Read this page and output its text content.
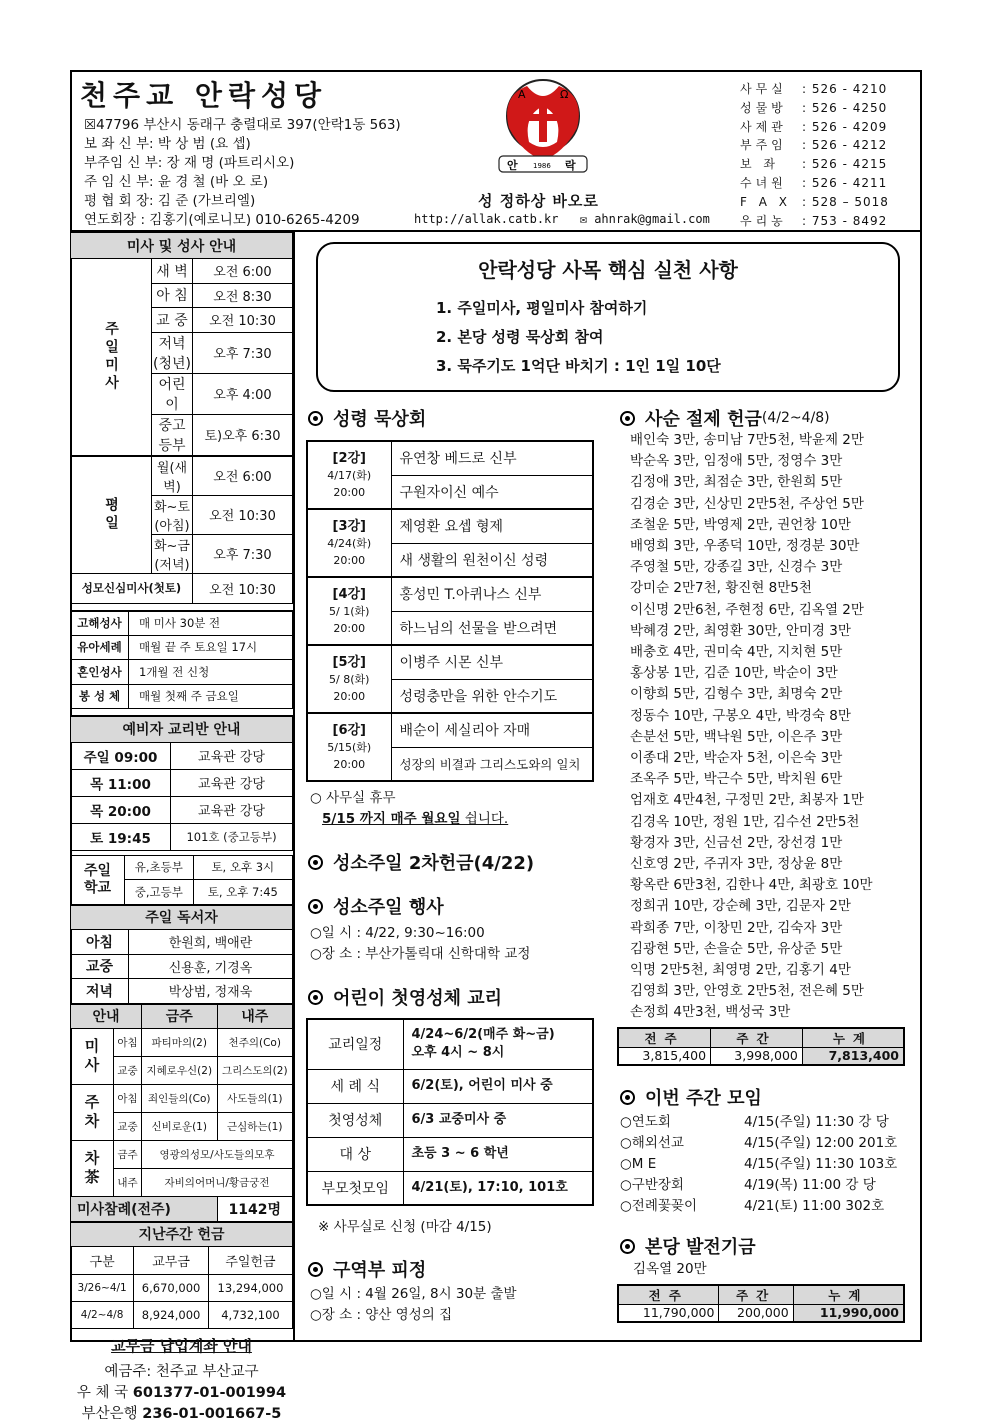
천주교 안락성당
☒47796 부산시 동래구 충렬대로 397(안락1동 563)
보 좌 신 부: 박 상 범 (요 셉)
부주임 신 부: 장 재 명 (파트리시오)
주 임 신 부: 윤 경 철 (바 오 로)
평 협 회 장: 김 준 (가브리엘)
연도회장 : 김홍기(예로니모) 010-6265-4209
A	Ω
안 1986 락
성 정하상 바오로
http://allak.catb.kr ✉ ahnrak@gmail.com
사무실	: 526 - 4210
성물방	: 526 - 4250
사제관	: 526 - 4209
부주임	: 526 - 4212
보 좌	: 526 - 4215
수녀원	: 526 - 4211
F A X : 528 – 5018
우리농	: 753 - 8492
미사 및 성사 안내		
주일미사	새 벽	오전 6:00
	아 침	오전 8:30
	교 중	오전 10:30
	저녁(청년)	오후 7:30
	어린이	오후 4:00
	중고등부	토)오후 6:30
평일	월(새벽)	오전 6:00
	화~토(아침)	오전 10:30
	화~금(저녁)	오후 7:30
성모신심미사(첫토)		오전 10:30
고해성사	매 미사 30분 전
유아세례	매월 끝 주 토요일 17시
혼인성사	1개월 전 신청
봉 성 체	매월 첫째 주 금요일
예비자 교리반 안내	
주일 09:00	교육관 강당
목 11:00	교육관 강당
목 20:00	교육관 강당
토 19:45	101호 (중고등부)
주일
학교	유,초등부	토, 오후 3시
	중,고등부	토, 오후 7:45
주일 독서자	
아침	한원희, 백애란
교중	신용훈, 기경옥
저녁	박상범, 정재욱
안내		금주	내주
미사	아침	파티마의(2)	천주의(Co)
	교중	지혜로우신(2)	그리스도의(2)
주차	아침	죄인들의(Co)	사도들의(1)
	교중	신비로운(1)	근심하는(1)
차茶	금주	영광의성모/사도들의모후	
	내주	자비의어머니/황금궁전	
미사참례(전주)			1142명
지난주간 헌금		
구분	교무금	주일헌금
3/26~4/1	6,670,000	13,294,000
4/2~4/8	8,924,000	4,732,100
교무금 납입계좌 안내
예금주: 천주교 부산교구
우 체 국 601377-01-001994
부산은행 236-01-001667-5
안락성당 사목 핵심 실천 사항
1. 주일미사, 평일미사 참여하기
2. 본당 성령 묵상회 참여
3. 묵주기도 1억단 바치기 : 1인 1일 10단
성령 묵상회
[2강]
4/17(화)
20:00	유연창 베드로 신부
	구원자이신 예수
[3강]
4/24(화)
20:00	제영환 요셉 형제
	새 생활의 원천이신 성령
[4강]
5/ 1(화)
20:00	홍성민 T.아퀴나스 신부
	하느님의 선물을 받으려면
[5강]
5/ 8(화)
20:00	이병주 시몬 신부
	성령충만을 위한 안수기도
[6강]
5/15(화)
20:00	배순이 세실리아 자매
	성장의 비결과 그리스도와의 일치
○ 사무실 휴무
5/15 까지 매주 월요일 쉽니다.
성소주일 2차헌금(4/22)
성소주일 행사
○일 시 : 4/22, 9:30~16:00
○장 소 : 부산가톨릭대 신학대학 교정
어린이 첫영성체 교리
교리일정	4/24~6/2(매주 화~금)
오후 4시 ~ 8시

세 례 식	6/2(토), 어린이 미사 중

첫영성체	6/3 교중미사 중

대 상	초등 3 ~ 6 학년

부모첫모임	4/21(토), 17:10, 101호
※ 사무실로 신청 (마감 4/15)
구역부 피정
○일 시 : 4월 26일, 8시 30분 출발
○장 소 : 양산 영성의 집
사순 절제 헌금 (4/2~4/8)
배인숙 3만, 송미남 7만5천, 박윤제 2만
박순옥 3만, 임정애 5만, 정영수 3만
김정애 3만, 최점순 3만, 한원희 5만
김경순 3만, 신상민 2만5천, 주상언 5만
조철운 5만, 박영제 2만, 권언창 10만
배영희 3만, 우종덕 10만, 정경분 30만
주영철 5만, 강종길 3만, 신경수 3만
강미순 2만7천, 황진현 8만5천
이신명 2만6천, 주현정 6만, 김옥열 2만
박혜경 2만, 최영환 30만, 안미경 3만
배충호 4만, 권미숙 4만, 지치현 5만
홍상봉 1만, 김준 10만, 박순이 3만
이향희 5만, 김형수 3만, 최명숙 2만
정동수 10만, 구봉오 4만, 박경숙 8만
손분선 5만, 백낙원 5만, 이은주 3만
이종대 2만, 박순자 5천, 이은숙 3만
조옥주 5만, 박근수 5만, 박치원 6만
엄재호 4만4천, 구정민 2만, 최봉자 1만
김경옥 10만, 정원 1만, 김수선 2만5천
황경자 3만, 신금선 2만, 장선경 1만
신호영 2만, 주귀자 3만, 정상윤 8만
황옥란 6만3천, 김한나 4만, 최광호 10만
정희귀 10만, 강순혜 3만, 김문자 2만
곽희종 7만, 이창민 2만, 김숙자 3만
김광현 5만, 손을순 5만, 유상준 5만
익명 2만5천, 최영명 2만, 김홍기 4만
김영희 3만, 안영호 2만5천, 전은혜 5만
손정희 4만3천, 백성국 3만
전주	주간	누계
3,815,400	3,998,000	7,813,400
이번 주간 모임
○연도회	4/15(주일) 11:30 강 당
○해외선교	4/15(주일) 12:00 201호
○M E	4/15(주일) 11:30 103호
○구반장회	4/19(목) 11:00 강 당
○전례꽃꽂이	4/21(토) 11:00 302호
본당 발전기금
김옥열 20만
전주	주간	누계
11,790,000	200,000	11,990,000
